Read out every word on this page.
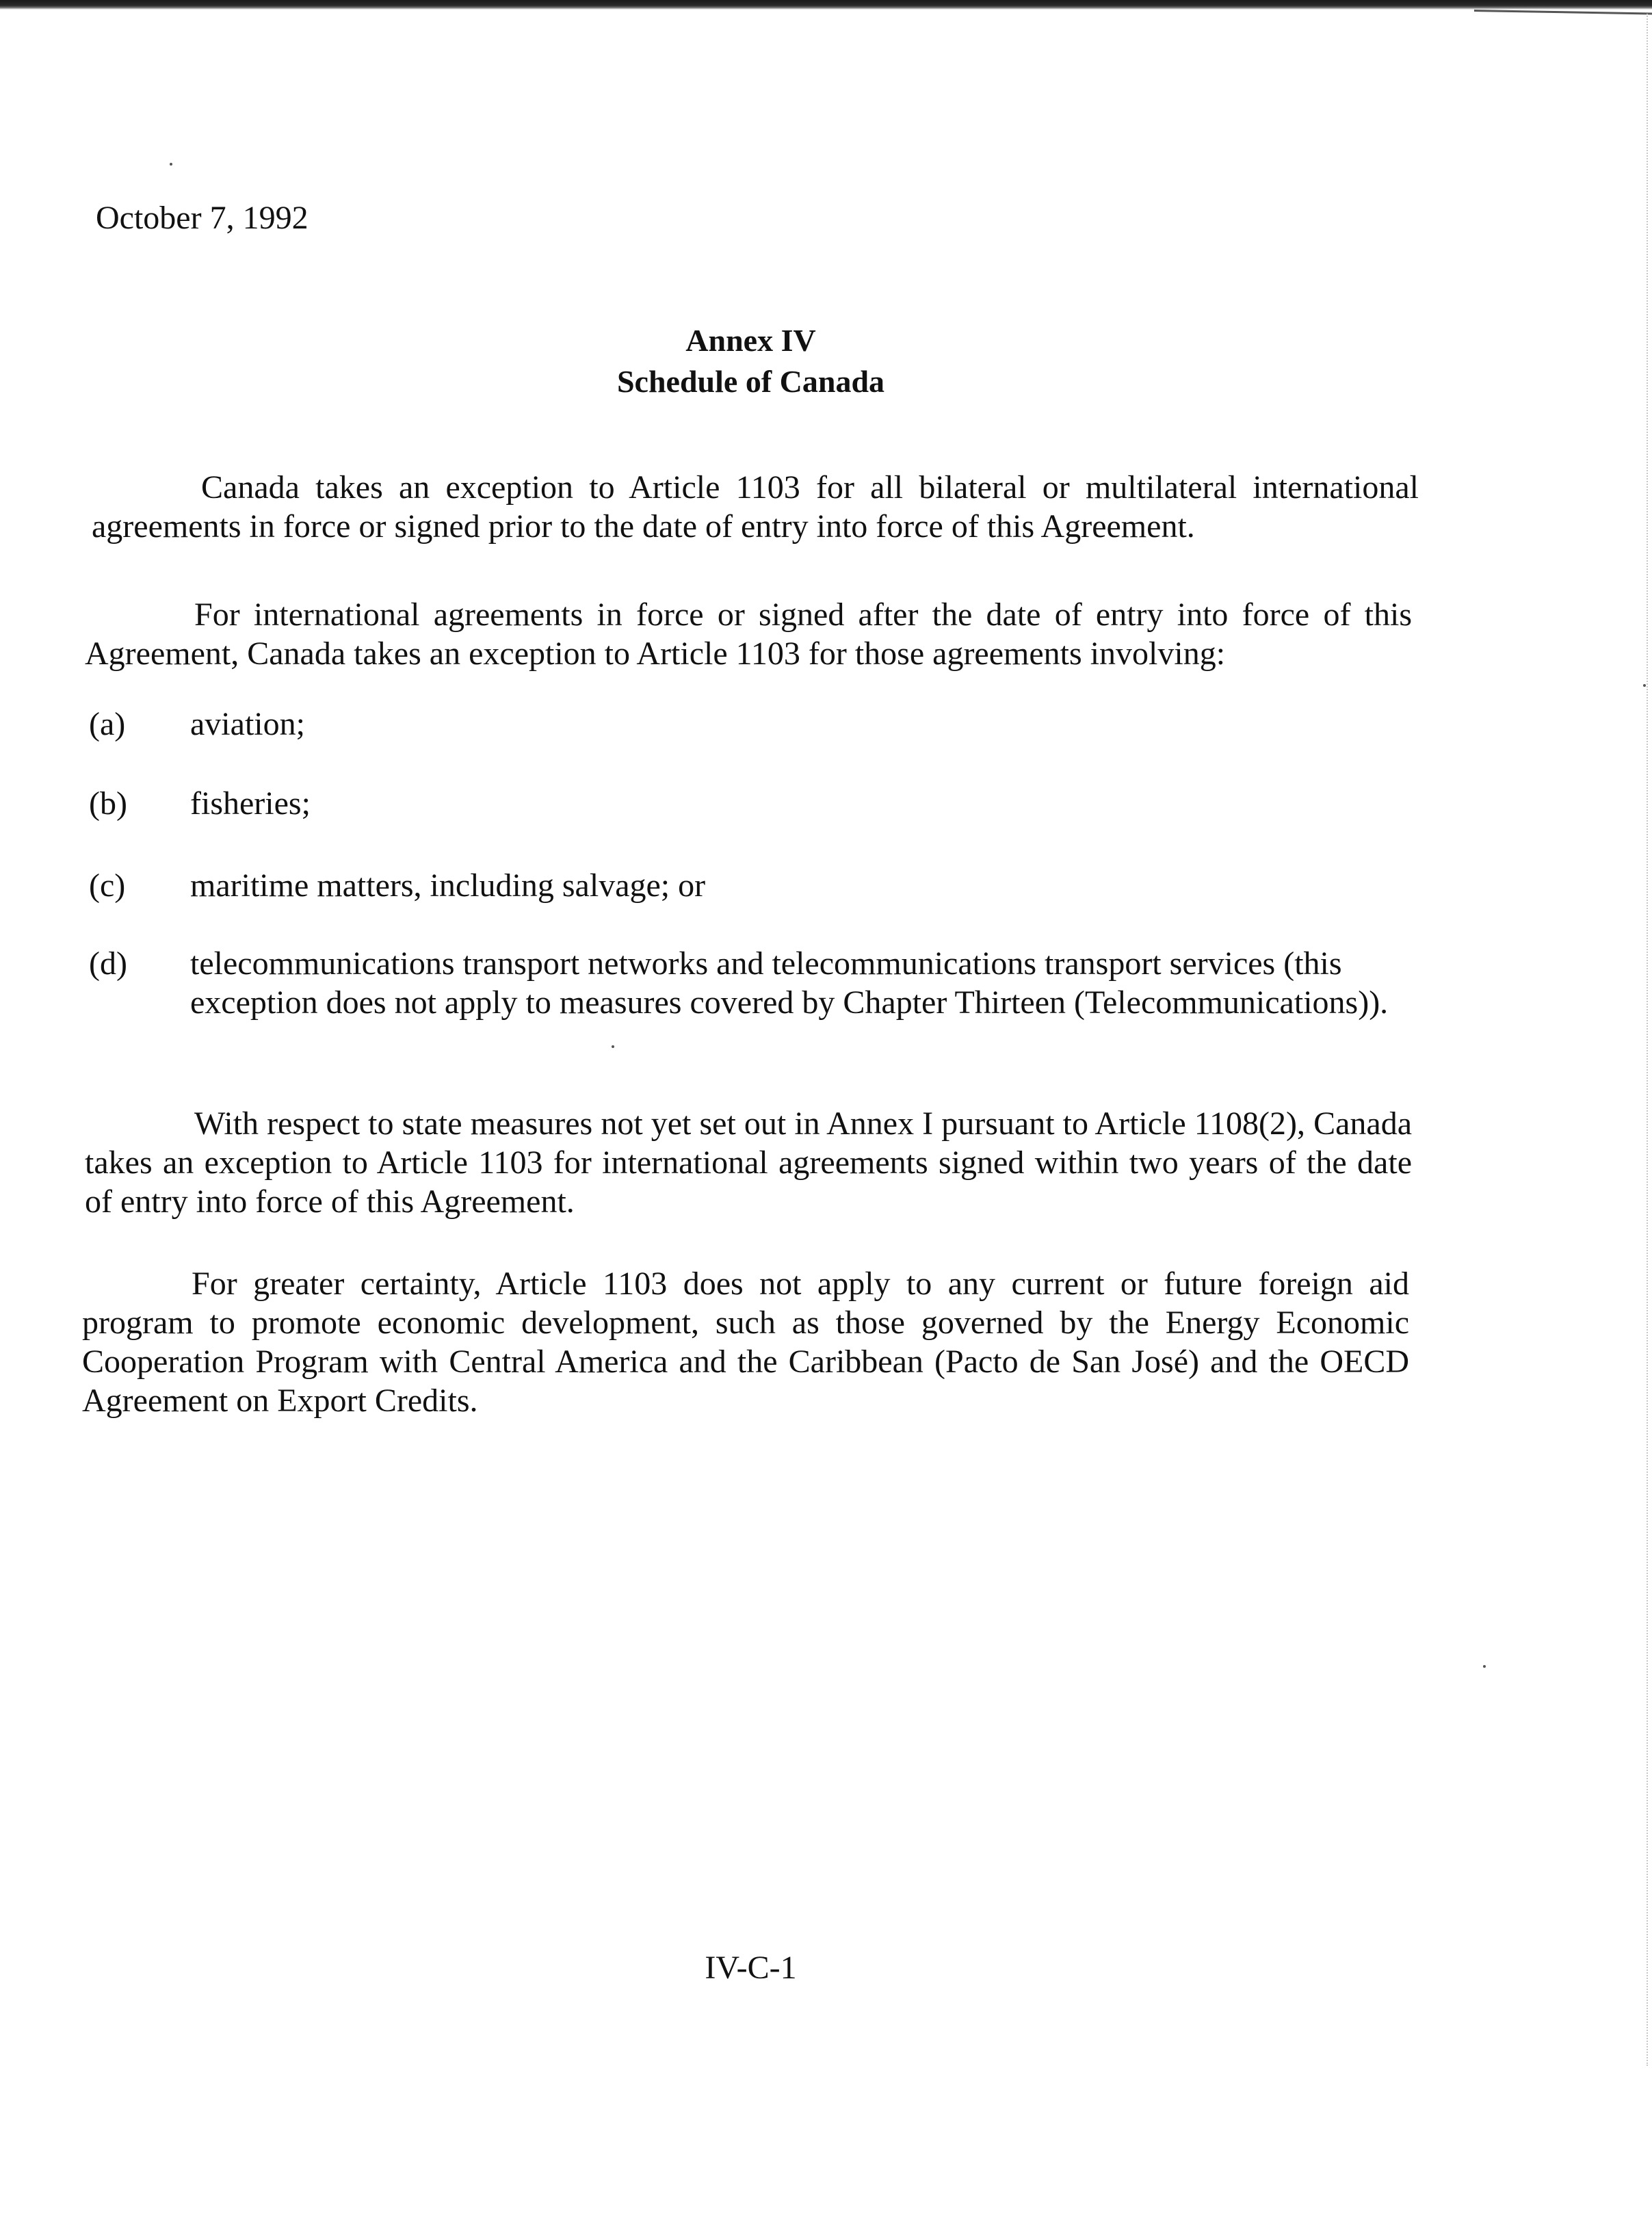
October 7, 1992
Annex IV
Schedule of Canada
Canada takes an exception to Article 1103 for all bilateral or multilateral international agreements in force or signed prior to the date of entry into force of this Agreement.
For international agreements in force or signed after the date of entry into force of this Agreement, Canada takes an exception to Article 1103 for those agreements involving:
(a)	aviation;
(b)	fisheries;
(c)	maritime matters, including salvage; or
(d)	telecommunications transport networks and telecommunications transport services (this exception does not apply to measures covered by Chapter Thirteen (Telecommunications)).
With respect to state measures not yet set out in Annex I pursuant to Article 1108(2), Canada takes an exception to Article 1103 for international agreements signed within two years of the date of entry into force of this Agreement.
For greater certainty, Article 1103 does not apply to any current or future foreign aid program to promote economic development, such as those governed by the Energy Economic Cooperation Program with Central America and the Caribbean (Pacto de San José) and the OECD Agreement on Export Credits.
IV-C-1
